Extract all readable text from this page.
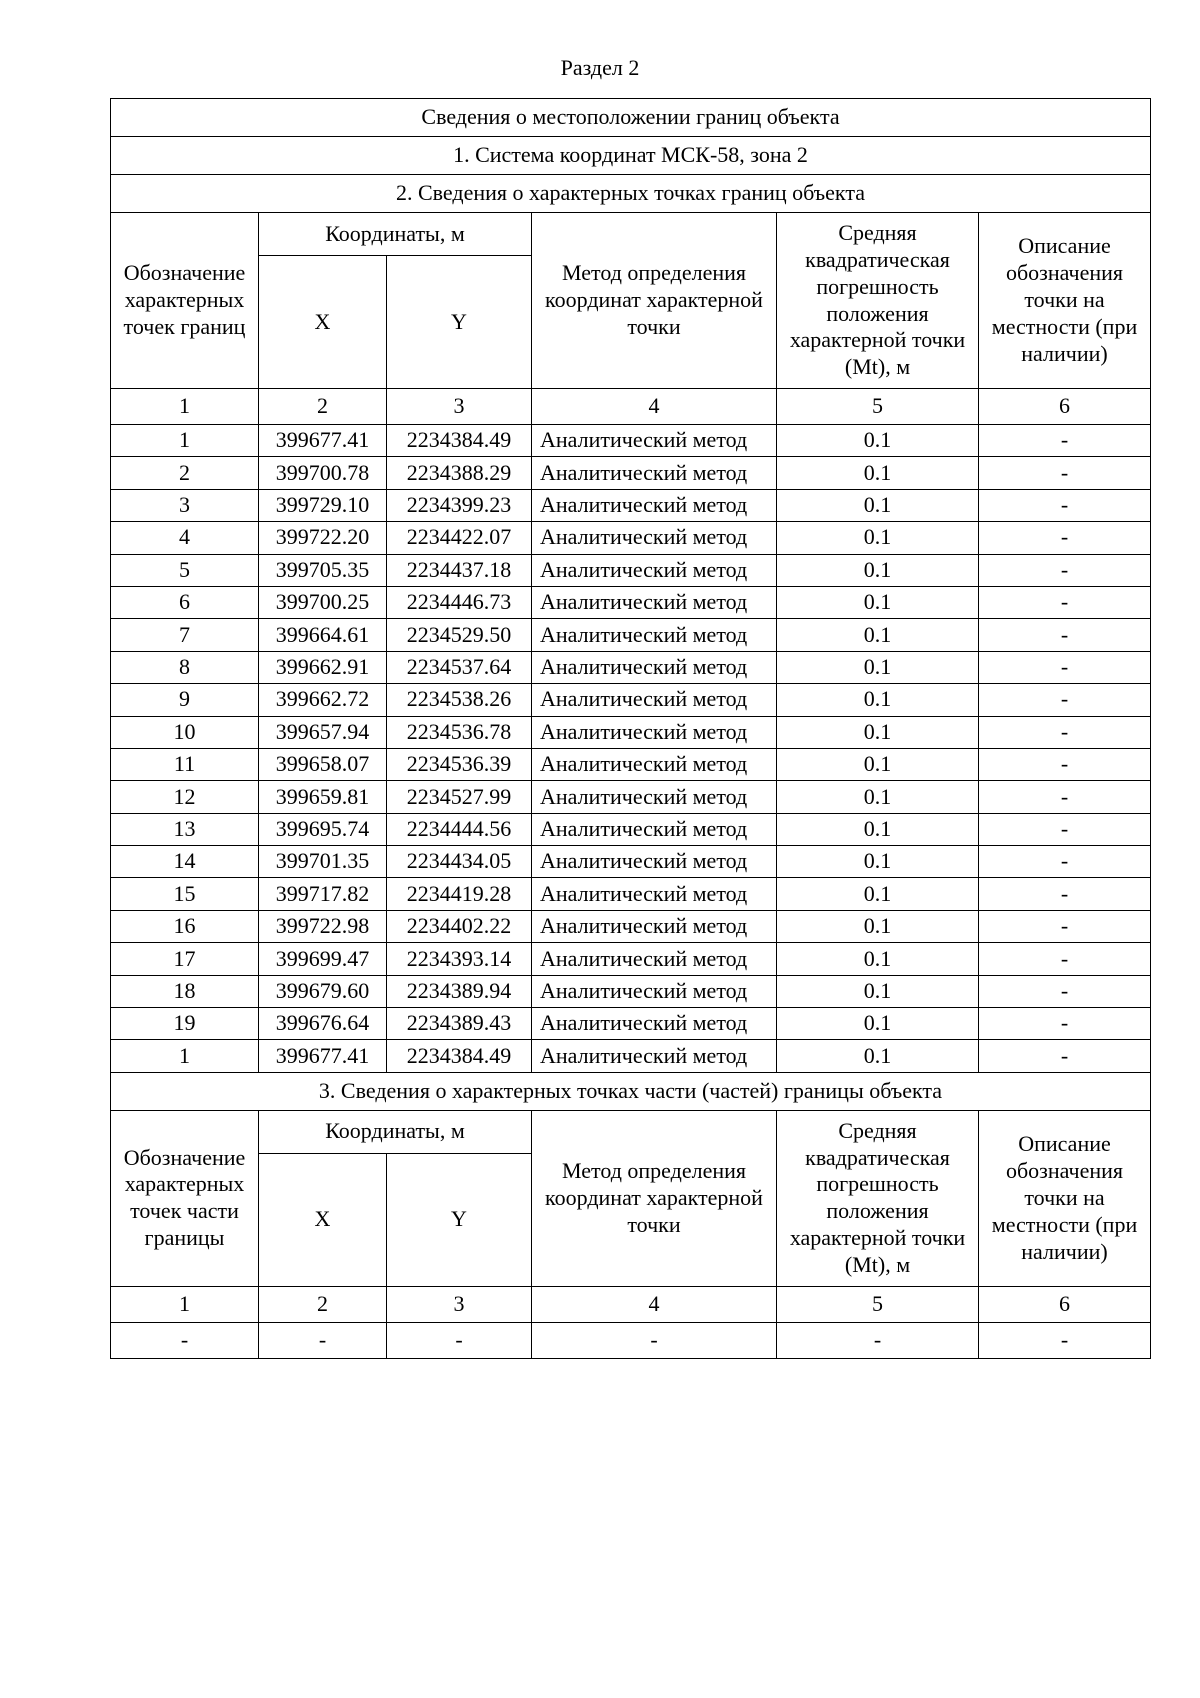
Раздел 2
Сведения о местоположении границ объекта					
1. Система координат МСК-58, зона 2					
2. Сведения о характерных точках границ объекта					
Обозначение характерных точек границ	Координаты, м		Метод определения координат характерной точки	Средняя квадратическая погрешность положения характерной точки (Mt), м	Описание обозначения точки на местности (при наличии)
	X	Y			
1	2	3	4	5	6
1	399677.41	2234384.49	Аналитический метод	0.1	-
2	399700.78	2234388.29	Аналитический метод	0.1	-
3	399729.10	2234399.23	Аналитический метод	0.1	-
4	399722.20	2234422.07	Аналитический метод	0.1	-
5	399705.35	2234437.18	Аналитический метод	0.1	-
6	399700.25	2234446.73	Аналитический метод	0.1	-
7	399664.61	2234529.50	Аналитический метод	0.1	-
8	399662.91	2234537.64	Аналитический метод	0.1	-
9	399662.72	2234538.26	Аналитический метод	0.1	-
10	399657.94	2234536.78	Аналитический метод	0.1	-
11	399658.07	2234536.39	Аналитический метод	0.1	-
12	399659.81	2234527.99	Аналитический метод	0.1	-
13	399695.74	2234444.56	Аналитический метод	0.1	-
14	399701.35	2234434.05	Аналитический метод	0.1	-
15	399717.82	2234419.28	Аналитический метод	0.1	-
16	399722.98	2234402.22	Аналитический метод	0.1	-
17	399699.47	2234393.14	Аналитический метод	0.1	-
18	399679.60	2234389.94	Аналитический метод	0.1	-
19	399676.64	2234389.43	Аналитический метод	0.1	-
1	399677.41	2234384.49	Аналитический метод	0.1	-
3. Сведения о характерных точках части (частей) границы объекта					
Обозначение характерных точек части границы	Координаты, м		Метод определения координат характерной точки	Средняя квадратическая погрешность положения характерной точки (Mt), м	Описание обозначения точки на местности (при наличии)
	X	Y			
1	2	3	4	5	6
-	-	-	-	-	-
